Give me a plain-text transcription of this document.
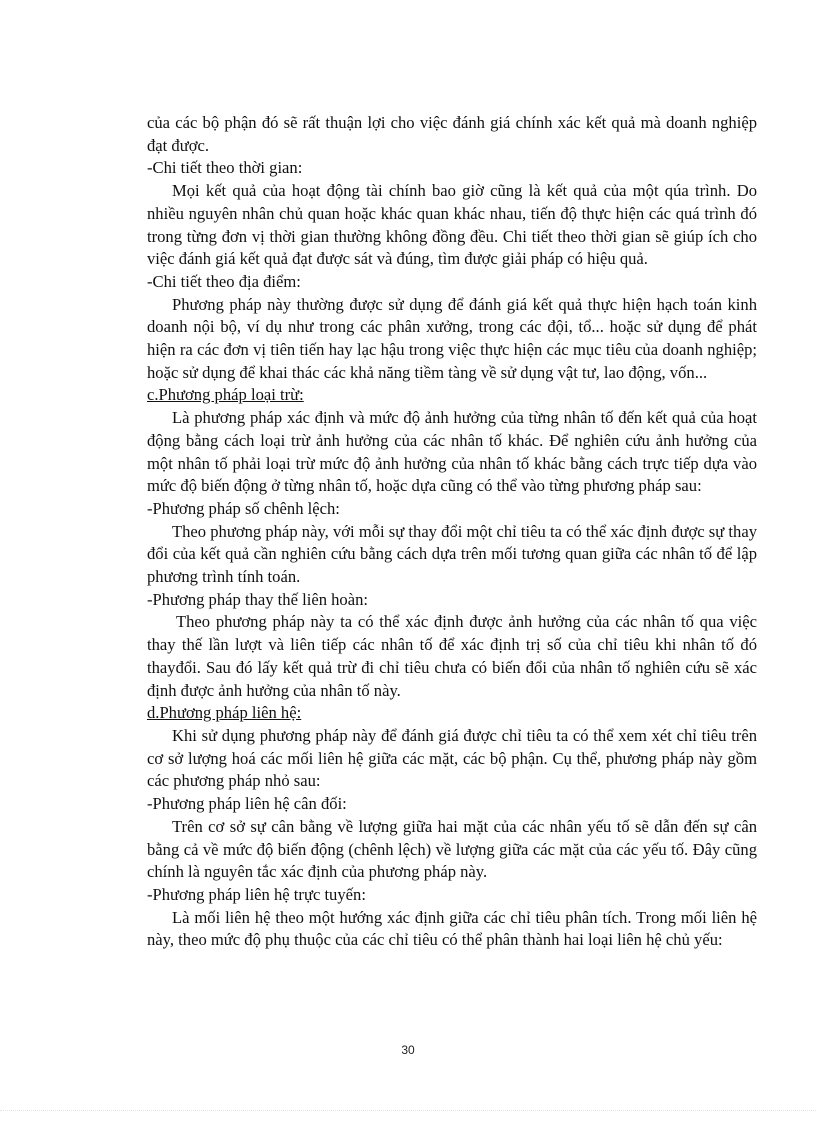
của các bộ phận đó sẽ rất thuận lợi cho việc đánh giá chính xác kết quả mà doanh nghiệp đạt được.

-Chi tiết theo thời gian:

Mọi kết quả của hoạt động tài chính bao giờ cũng là kết quả của một qúa trình. Do nhiều nguyên nhân chủ quan hoặc khác quan khác nhau, tiến độ thực hiện các quá trình đó trong từng đơn vị thời gian thường không đồng đều. Chi tiết theo thời gian sẽ giúp ích cho việc đánh giá kết quả đạt được sát và đúng, tìm được giải pháp có hiệu quả.

-Chi tiết theo địa điểm:

Phương pháp này thường được sử dụng để đánh giá kết quả thực hiện hạch toán kinh doanh nội bộ, ví dụ như trong các phân xưởng, trong các đội, tổ... hoặc sử dụng để phát hiện ra các đơn vị tiên tiến hay lạc hậu trong việc thực hiện các mục tiêu của doanh nghiệp; hoặc sử dụng để khai thác các khả năng tiềm tàng về sử dụng vật tư, lao động, vốn...

c.Phương pháp loại trừ:

Là phương pháp xác định và mức độ ảnh hưởng của từng nhân tố đến kết quả của hoạt động bằng cách loại trừ ảnh hưởng của các nhân tố khác. Để nghiên cứu ảnh hưởng của một nhân tố phải loại trừ mức độ ảnh hưởng của nhân tố khác bằng cách trực tiếp dựa vào mức độ biến động ở từng nhân tố, hoặc dựa cũng có thể vào từng phương pháp sau:

-Phương pháp số chênh lệch:

Theo phương pháp này, với mỗi sự thay đổi một chỉ tiêu ta có thể xác định được sự thay đổi của kết quả cần nghiên cứu bằng cách dựa trên mối tương quan giữa các nhân tố để lập phương trình tính toán.

-Phương pháp thay thế liên hoàn:

Theo phương pháp này ta có thể xác định được ảnh hưởng của các nhân tố qua việc thay thế lần lượt và liên tiếp các nhân tố để xác định trị số của chỉ tiêu khi nhân tố đó thayđổi. Sau đó lấy kết quả trừ đi chỉ tiêu chưa có biến đổi của nhân tố nghiên cứu sẽ xác định được ảnh hưởng của nhân tố này.

d.Phương pháp liên hệ:

Khi sử dụng phương pháp này để đánh giá được chỉ tiêu ta có thể xem xét chỉ tiêu trên cơ sở lượng hoá các mối liên hệ giữa các mặt, các bộ phận. Cụ thể, phương pháp này gồm các phương pháp nhỏ sau:

-Phương pháp liên hệ cân đối:

Trên cơ sở sự cân bằng về lượng giữa hai mặt của các nhân yếu tố sẽ dẫn đến sự cân bằng cả về mức độ biến động (chênh lệch) về lượng giữa các mặt của các yếu tố. Đây cũng chính là nguyên tắc xác định của phương pháp này.

-Phương pháp liên hệ trực tuyến:

Là mối liên hệ theo một hướng xác định giữa các chỉ tiêu phân tích. Trong mối liên hệ này, theo mức độ phụ thuộc của các chỉ tiêu có thể phân thành hai loại liên hệ chủ yếu:

30
